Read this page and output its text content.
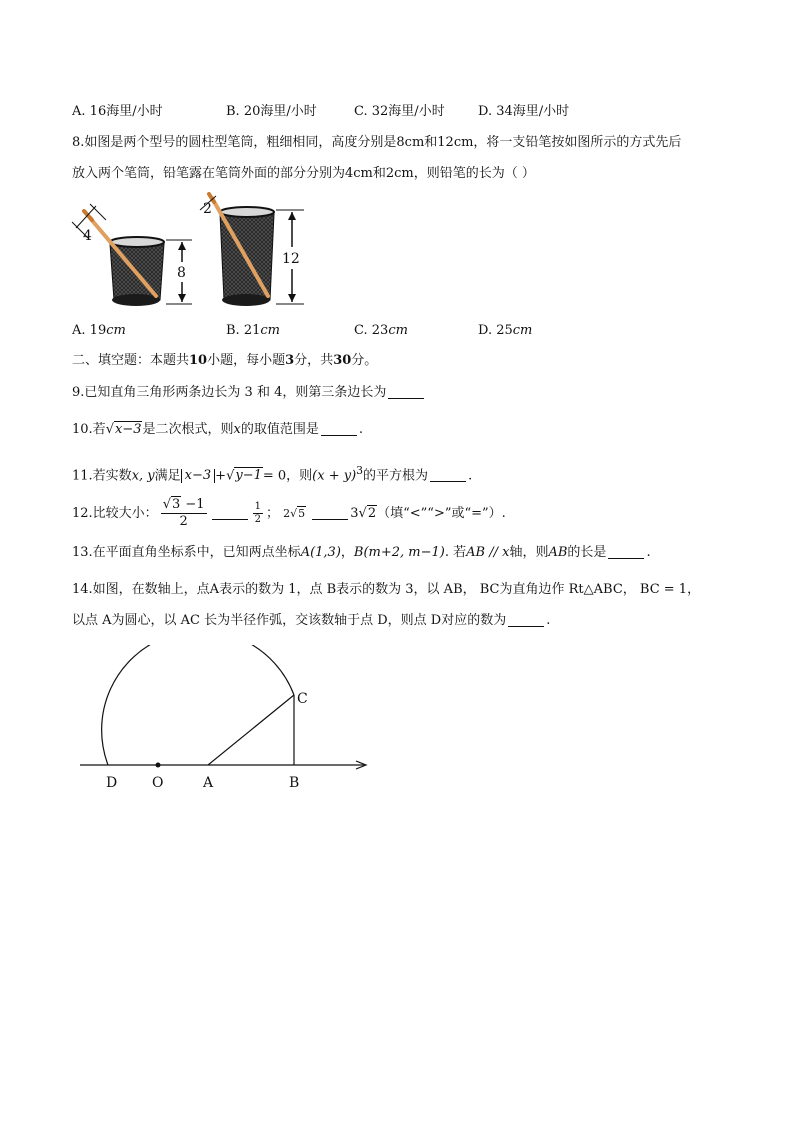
A. 16海里/小时	B. 20海里/小时	C. 32海里/小时	D. 34海里/小时
8.如图是两个型号的圆柱型笔筒，粗细相同，高度分别是8cm和12cm，将一支铅笔按如图所示的方式先后
放入两个笔筒，铅笔露在笔筒外面的部分分别为4cm和2cm，则铅笔的长为（ ）
4
8
2
12
A. 19cm	B. 21cm	C. 23cm	D. 25cm
二、填空题：本题共10小题，每小题3分，共30分。
9.已知直角三角形两条边长为 3 和 4，则第三条边长为
10.若√x−3是二次根式，则x的取值范围是	.
11.若实数x, y满足 x−3 +√y−1= 0，则$(x + y)^3$的平方根为	.
12.比较大小： $\frac{√3 -1}{2}$	$\frac{1}{2}$ ； 2√5	3√2（填“<”“>”或“=”）.
13.在平面直角坐标系中，已知两点坐标A(1,3)，B(m+2, m−1). 若AB // x轴，则AB的长是	.
14.如图，在数轴上，点A表示的数为 1，点 B表示的数为 3，以 AB， BC为直角边作 Rt△ABC， BC = 1，
以点 A为圆心，以 AC 长为半径作弧，交该数轴于点 D，则点 D对应的数为	.
D O	A	B
C
